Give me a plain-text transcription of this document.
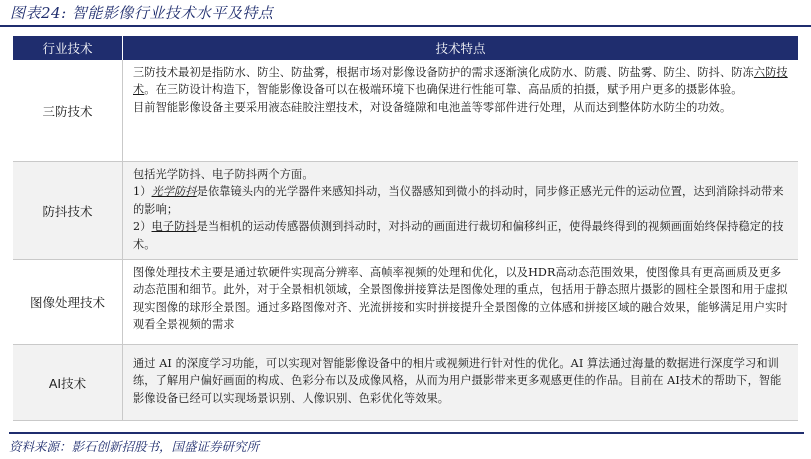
图表24: 智能影像行业技术水平及特点
行业技术	技术特点
三防技术

三防技术最初是指防水、防尘、防盐雾，根据市场对影像设备防护的需求逐渐演化成防水、防震、防盐雾、防尘、防抖、防冻六防技术。在三防设计构造下，智能影像设备可以在极端环境下也确保进行性能可靠、高品质的拍摄，赋予用户更多的摄影体验。

目前智能影像设备主要采用液态硅胶注塑技术，对设备缝隙和电池盖等零部件进行处理，从而达到整体防水防尘的功效。

防抖技术

包括光学防抖、电子防抖两个方面。

1）光学防抖是依靠镜头内的光学器件来感知抖动，当仪器感知到微小的抖动时，同步修正感光元件的运动位置，达到消除抖动带来的影响；

2）电子防抖是当相机的运动传感器侦测到抖动时，对抖动的画面进行裁切和偏移纠正，使得最终得到的视频画面始终保持稳定的技术。

图像处理技术

图像处理技术主要是通过软硬件实现高分辨率、高帧率视频的处理和优化，以及HDR高动态范围效果，使图像具有更高画质及更多动态范围和细节。此外，对于全景相机领域，全景图像拼接算法是图像处理的重点，包括用于静态照片摄影的圆柱全景图和用于虚拟现实图像的球形全景图。通过多路图像对齐、光流拼接和实时拼接提升全景图像的立体感和拼接区域的融合效果，能够满足用户实时观看全景视频的需求

AI技术

通过 AI 的深度学习功能，可以实现对智能影像设备中的相片或视频进行针对性的优化。AI 算法通过海量的数据进行深度学习和训练，了解用户偏好画面的构成、色彩分布以及成像风格，从而为用户摄影带来更多观感更佳的作品。目前在 AI技术的帮助下，智能影像设备已经可以实现场景识别、人像识别、色彩优化等效果。

资料来源：影石创新招股书，国盛证券研究所
